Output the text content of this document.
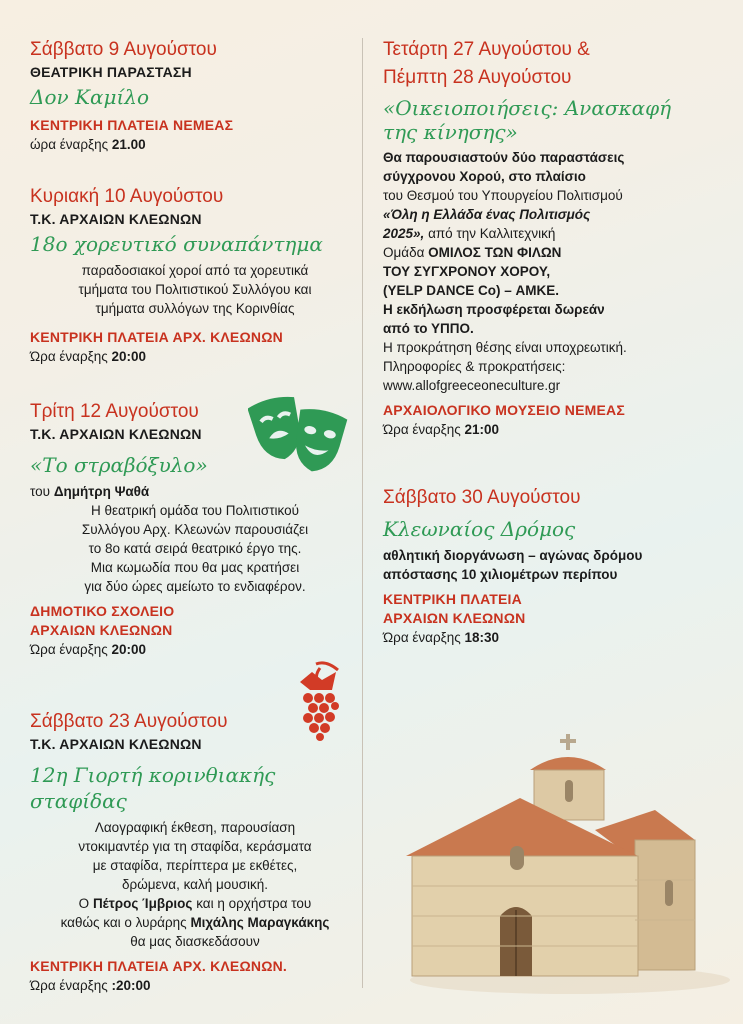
Σάββατο 9 Αυγούστου
ΘΕΑΤΡΙΚΗ ΠΑΡΑΣΤΑΣΗ
Δον Καμίλο
ΚΕΝΤΡΙΚΗ ΠΛΑΤΕΙΑ ΝΕΜΕΑΣ
ώρα έναρξης 21.00
Κυριακή 10 Αυγούστου
Τ.Κ. ΑΡΧΑΙΩΝ ΚΛΕΩΝΩΝ
18ο χορευτικό συναπάντημα
παραδοσιακοί χοροί από τα χορευτικά
τμήματα του Πολιτιστικού Συλλόγου και
τμήματα συλλόγων της Κορινθίας
ΚΕΝΤΡΙΚΗ ΠΛΑΤΕΙΑ ΑΡΧ. ΚΛΕΩΝΩΝ
Ώρα έναρξης 20:00
Τρίτη 12 Αυγούστου
Τ.Κ. ΑΡΧΑΙΩΝ ΚΛΕΩΝΩΝ
«Το στραβόξυλο»
του Δημήτρη Ψαθά
Η θεατρική ομάδα του Πολιτιστικού
Συλλόγου Αρχ. Κλεωνών παρουσιάζει
το 8ο κατά σειρά θεατρικό έργο της.
Μια κωμωδία που θα μας κρατήσει
για δύο ώρες αμείωτο το ενδιαφέρον.
ΔΗΜΟΤΙΚΟ ΣΧΟΛΕΙΟ
ΑΡΧΑΙΩΝ ΚΛΕΩΝΩΝ
Ώρα έναρξης 20:00
Σάββατο 23 Αυγούστου
Τ.Κ. ΑΡΧΑΙΩΝ ΚΛΕΩΝΩΝ
12η Γιορτή κορινθιακής σταφίδας
Λαογραφική έκθεση, παρουσίαση
ντοκιμαντέρ για τη σταφίδα, κεράσματα
με σταφίδα, περίπτερα με εκθέτες,
δρώμενα, καλή μουσική.
Ο Πέτρος Ίμβριος και η ορχήστρα του
καθώς και ο λυράρης Μιχάλης Μαραγκάκης
θα μας διασκεδάσουν
ΚΕΝΤΡΙΚΗ ΠΛΑΤΕΙΑ ΑΡΧ. ΚΛΕΩΝΩΝ.
Ώρα έναρξης :20:00
Τετάρτη 27 Αυγούστου &
Πέμπτη 28 Αυγούστου
«Οικειοποιήσεις: Ανασκαφή
της κίνησης»
Θα παρουσιαστούν δύο παραστάσεις
σύγχρονου Χορού, στο πλαίσιο
του Θεσμού του Υπουργείου Πολιτισμού
«Όλη η Ελλάδα ένας Πολιτισμός
2025», από την Καλλιτεχνική
Ομάδα ΟΜΙΛΟΣ ΤΩΝ ΦΙΛΩΝ
ΤΟΥ ΣΥΓΧΡΟΝΟΥ ΧΟΡΟΥ,
(YELP DANCE Co) – ΑΜΚΕ.
Η εκδήλωση προσφέρεται δωρεάν
από το ΥΠΠΟ.
Η προκράτηση θέσης είναι υποχρεωτική.
Πληροφορίες & προκρατήσεις:
www.allofgreeceoneculture.gr
ΑΡΧΑΙΟΛΟΓΙΚΟ ΜΟΥΣΕΙΟ ΝΕΜΕΑΣ
Ώρα έναρξης 21:00
Σάββατο 30 Αυγούστου
Κλεωναίος Δρόμος
αθλητική διοργάνωση – αγώνας δρόμου
απόστασης 10 χιλιομέτρων περίπου
ΚΕΝΤΡΙΚΗ ΠΛΑΤΕΙΑ
ΑΡΧΑΙΩΝ ΚΛΕΩΝΩΝ
Ώρα έναρξης 18:30
